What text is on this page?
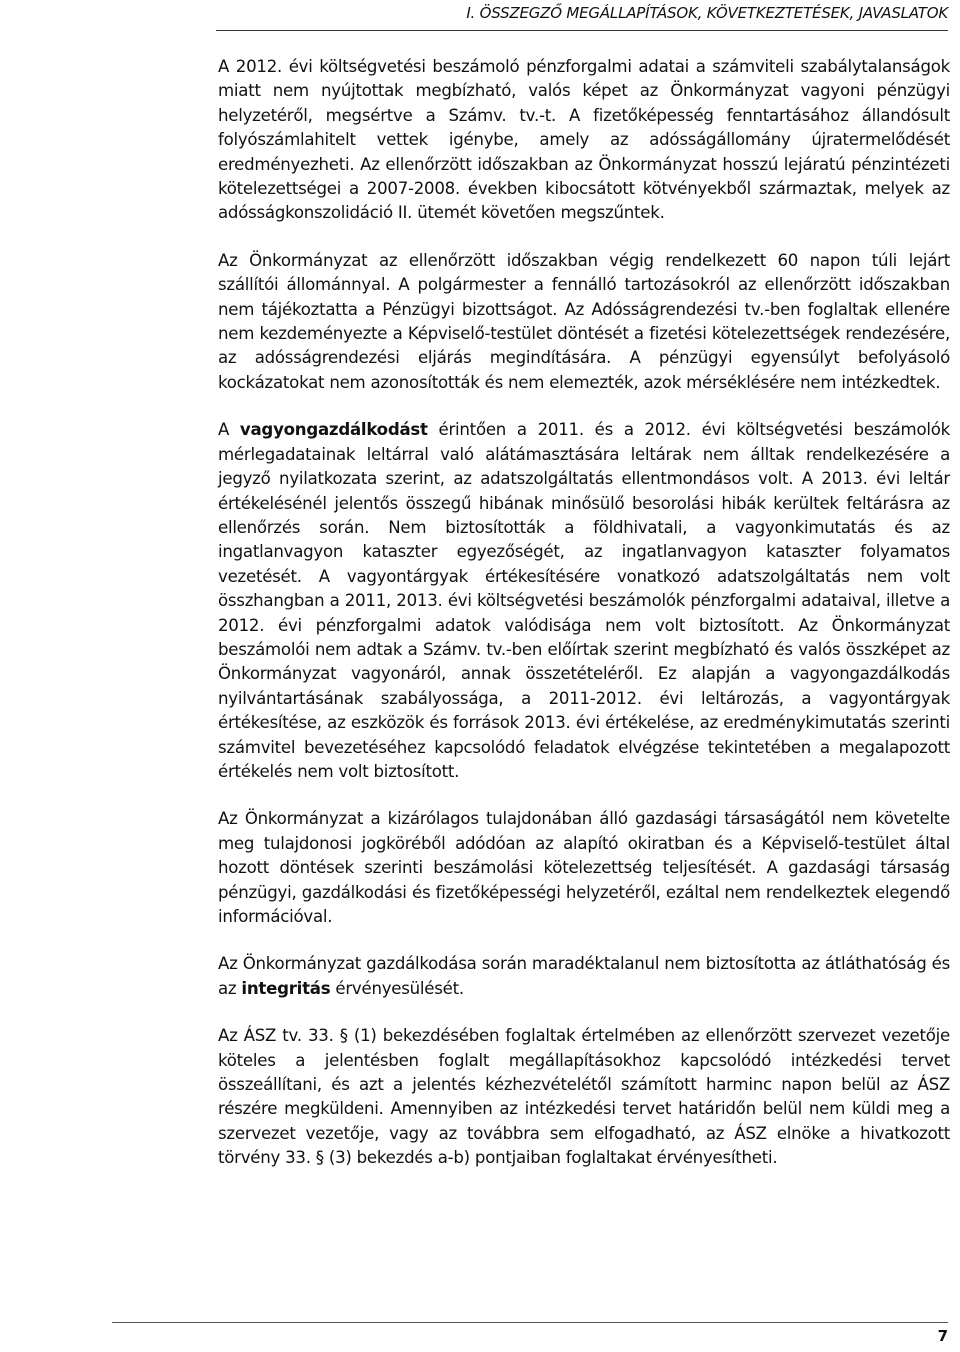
I. ÖSSZEGZŐ MEGÁLLAPÍTÁSOK, KÖVETKEZTETÉSEK, JAVASLATOK

A 2012. évi költségvetési beszámoló pénzforgalmi adatai a számviteli szabálytalanságok miatt nem nyújtottak megbízható, valós képet az Önkormányzat vagyoni pénzügyi helyzetéről, megsértve a Számv. tv.-t. A fizetőképesség fenntartásához állandósult folyószámlahitelt vettek igénybe, amely az adósságállomány újratermelődését eredményezheti. Az ellenőrzött időszakban az Önkormányzat hosszú lejáratú pénzintézeti kötelezettségei a 2007-2008. években kibocsátott kötvényekből származtak, melyek az adósságkonszolidáció II. ütemét követően megszűntek.

Az Önkormányzat az ellenőrzött időszakban végig rendelkezett 60 napon túli lejárt szállítói állománnyal. A polgármester a fennálló tartozásokról az ellenőrzött időszakban nem tájékoztatta a Pénzügyi bizottságot. Az Adósságrendezési tv.-ben foglaltak ellenére nem kezdeményezte a Képviselő-testület döntését a fizetési kötelezettségek rendezésére, az adósságrendezési eljárás megindítására. A pénzügyi egyensúlyt befolyásoló kockázatokat nem azonosították és nem elemezték, azok mérséklésére nem intézkedtek.

A vagyongazdálkodást érintően a 2011. és a 2012. évi költségvetési beszámolók mérlegadatainak leltárral való alátámasztására leltárak nem álltak rendelkezésére a jegyző nyilatkozata szerint, az adatszolgáltatás ellentmondásos volt. A 2013. évi leltár értékelésénél jelentős összegű hibának minősülő besorolási hibák kerültek feltárásra az ellenőrzés során. Nem biztosították a földhivatali, a vagyonkimutatás és az ingatlanvagyon kataszter egyezőségét, az ingatlanvagyon kataszter folyamatos vezetését. A vagyontárgyak értékesítésére vonatkozó adatszolgáltatás nem volt összhangban a 2011, 2013. évi költségvetési beszámolók pénzforgalmi adataival, illetve a 2012. évi pénzforgalmi adatok valódisága nem volt biztosított. Az Önkormányzat beszámolói nem adtak a Számv. tv.-ben előírtak szerint megbízható és valós összképet az Önkormányzat vagyonáról, annak összetételéről. Ez alapján a vagyongazdálkodás nyilvántartásának szabályossága, a 2011-2012. évi leltározás, a vagyontárgyak értékesítése, az eszközök és források 2013. évi értékelése, az eredménykimutatás szerinti számvitel bevezetéséhez kapcsolódó feladatok elvégzése tekintetében a megalapozott értékelés nem volt biztosított.

Az Önkormányzat a kizárólagos tulajdonában álló gazdasági társaságától nem követelte meg tulajdonosi jogköréből adódóan az alapító okiratban és a Képviselő-testület által hozott döntések szerinti beszámolási kötelezettség teljesítését. A gazdasági társaság pénzügyi, gazdálkodási és fizetőképességi helyzetéről, ezáltal nem rendelkeztek elegendő információval.

Az Önkormányzat gazdálkodása során maradéktalanul nem biztosította az átláthatóság és az integritás érvényesülését.

Az ÁSZ tv. 33. § (1) bekezdésében foglaltak értelmében az ellenőrzött szervezet vezetője köteles a jelentésben foglalt megállapításokhoz kapcsolódó intézkedési tervet összeállítani, és azt a jelentés kézhezvételétől számított harminc napon belül az ÁSZ részére megküldeni. Amennyiben az intézkedési tervet határidőn belül nem küldi meg a szervezet vezetője, vagy az továbbra sem elfogadható, az ÁSZ elnöke a hivatkozott törvény 33. § (3) bekezdés a-b) pontjaiban foglaltakat érvényesítheti.

7
